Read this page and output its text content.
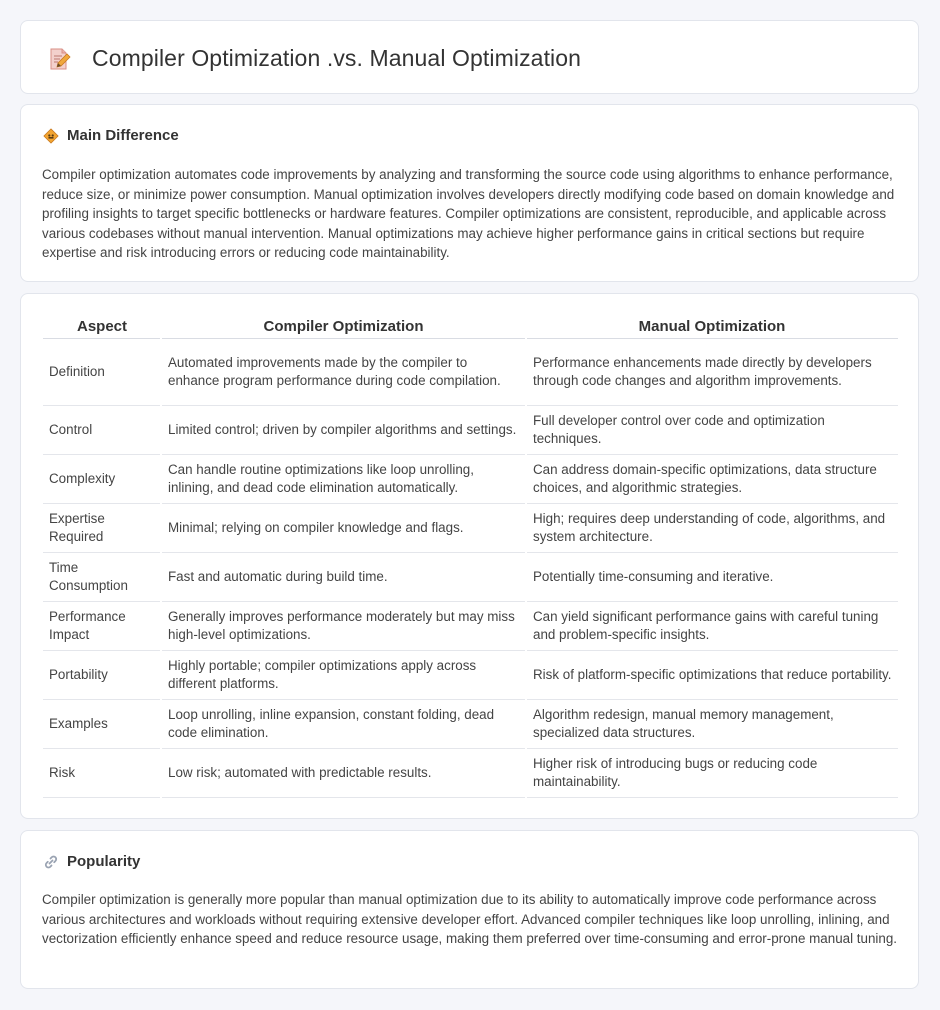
Compiler Optimization .vs. Manual Optimization
Main Difference

Compiler optimization automates code improvements by analyzing and transforming the source code using algorithms to enhance performance, reduce size, or minimize power consumption. Manual optimization involves developers directly modifying code based on domain knowledge and profiling insights to target specific bottlenecks or hardware features. Compiler optimizations are consistent, reproducible, and applicable across various codebases without manual intervention. Manual optimizations may achieve higher performance gains in critical sections but require expertise and risk introducing errors or reducing code maintainability.

Aspect	Compiler Optimization	Manual Optimization
Definition	Automated improvements made by the compiler to enhance program performance during code compilation.	Performance enhancements made directly by developers through code changes and algorithm improvements.
Control	Limited control; driven by compiler algorithms and settings.	Full developer control over code and optimization techniques.
Complexity	Can handle routine optimizations like loop unrolling, inlining, and dead code elimination automatically.	Can address domain-specific optimizations, data structure choices, and algorithmic strategies.
Expertise Required	Minimal; relying on compiler knowledge and flags.	High; requires deep understanding of code, algorithms, and system architecture.
Time Consumption	Fast and automatic during build time.	Potentially time-consuming and iterative.
Performance Impact	Generally improves performance moderately but may miss high-level optimizations.	Can yield significant performance gains with careful tuning and problem-specific insights.
Portability	Highly portable; compiler optimizations apply across different platforms.	Risk of platform-specific optimizations that reduce portability.
Examples	Loop unrolling, inline expansion, constant folding, dead code elimination.	Algorithm redesign, manual memory management, specialized data structures.
Risk	Low risk; automated with predictable results.	Higher risk of introducing bugs or reducing code maintainability.
Popularity

Compiler optimization is generally more popular than manual optimization due to its ability to automatically improve code performance across various architectures and workloads without requiring extensive developer effort. Advanced compiler techniques like loop unrolling, inlining, and vectorization efficiently enhance speed and reduce resource usage, making them preferred over time-consuming and error-prone manual tuning.
